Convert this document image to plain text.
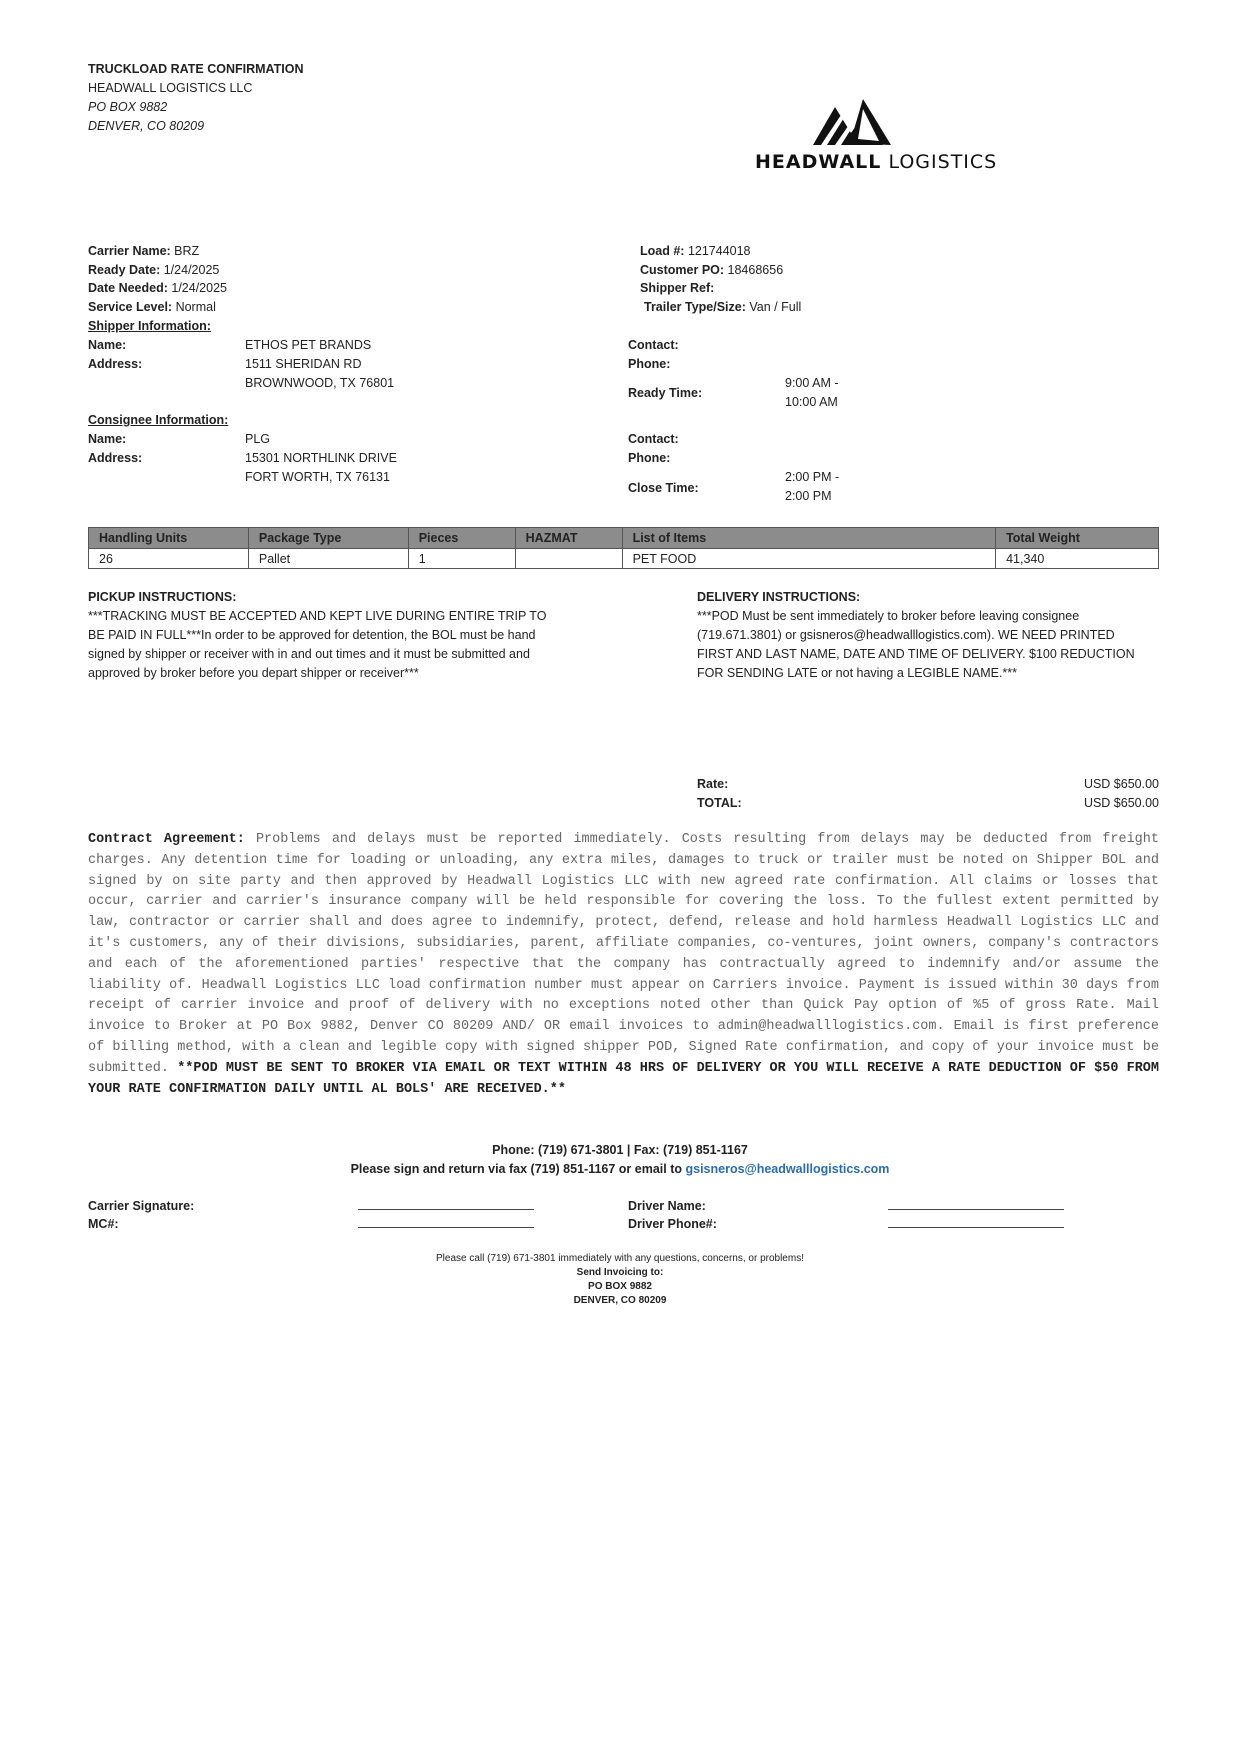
TRUCKLOAD RATE CONFIRMATION
HEADWALL LOGISTICS LLC
PO BOX 9882
DENVER, CO 80209
HEADWALL LOGISTICS
Carrier Name: BRZ
Ready Date: 1/24/2025
Date Needed: 1/24/2025
Service Level: Normal
Load #: 121744018
Customer PO: 18468656
Shipper Ref:
Trailer Type/Size: Van / Full
Shipper Information:
Name:	ETHOS PET BRANDS
Address:	1511 SHERIDAN RD
BROWNWOOD, TX 76801
Contact:
Phone:
Ready Time:
9:00 AM -
10:00 AM
Consignee Information:
Name:	PLG
Address:	15301 NORTHLINK DRIVE
FORT WORTH, TX 76131
Contact:
Phone:
Close Time:
2:00 PM -
2:00 PM
Handling Units	Package Type	Pieces	HAZMAT	List of Items	Total Weight
26	Pallet	1		PET FOOD	41,340
PICKUP INSTRUCTIONS:
***TRACKING MUST BE ACCEPTED AND KEPT LIVE DURING ENTIRE TRIP TO
BE PAID IN FULL***In order to be approved for detention, the BOL must be hand
signed by shipper or receiver with in and out times and it must be submitted and
approved by broker before you depart shipper or receiver***
DELIVERY INSTRUCTIONS:
***POD Must be sent immediately to broker before leaving consignee
(719.671.3801) or gsisneros@headwalllogistics.com). WE NEED PRINTED
FIRST AND LAST NAME, DATE AND TIME OF DELIVERY. $100 REDUCTION
FOR SENDING LATE or not having a LEGIBLE NAME.***
Rate:	USD $650.00
TOTAL:	USD $650.00
Contract Agreement: Problems and delays must be reported immediately. Costs resulting from delays may be deducted from freight charges. Any detention time for loading or unloading, any extra miles, damages to truck or trailer must be noted on Shipper BOL and signed by on site party and then approved by Headwall Logistics LLC with new agreed rate confirmation. All claims or losses that occur, carrier and carrier's insurance company will be held responsible for covering the loss. To the fullest extent permitted by law, contractor or carrier shall and does agree to indemnify, protect, defend, release and hold harmless Headwall Logistics LLC and it's customers, any of their divisions, subsidiaries, parent, affiliate companies, co-ventures, joint owners, company's contractors and each of the aforementioned parties' respective that the company has contractually agreed to indemnify and/or assume the liability of. Headwall Logistics LLC load confirmation number must appear on Carriers invoice. Payment is issued within 30 days from receipt of carrier invoice and proof of delivery with no exceptions noted other than Quick Pay option of %5 of gross Rate. Mail invoice to Broker at PO Box 9882, Denver CO 80209 AND/ OR email invoices to admin@headwalllogistics.com. Email is first preference of billing method, with a clean and legible copy with signed shipper POD, Signed Rate confirmation, and copy of your invoice must be submitted. **POD MUST BE SENT TO BROKER VIA EMAIL OR TEXT WITHIN 48 HRS OF DELIVERY OR YOU WILL RECEIVE A RATE DEDUCTION OF $50 FROM YOUR RATE CONFIRMATION DAILY UNTIL AL BOLS' ARE RECEIVED.**
Phone: (719) 671-3801 | Fax: (719) 851-1167
Please sign and return via fax (719) 851-1167 or email to gsisneros@headwalllogistics.com
Carrier Signature:
MC#:
Driver Name:
Driver Phone#:
Please call (719) 671-3801 immediately with any questions, concerns, or problems!
Send Invoicing to:
PO BOX 9882
DENVER, CO 80209
